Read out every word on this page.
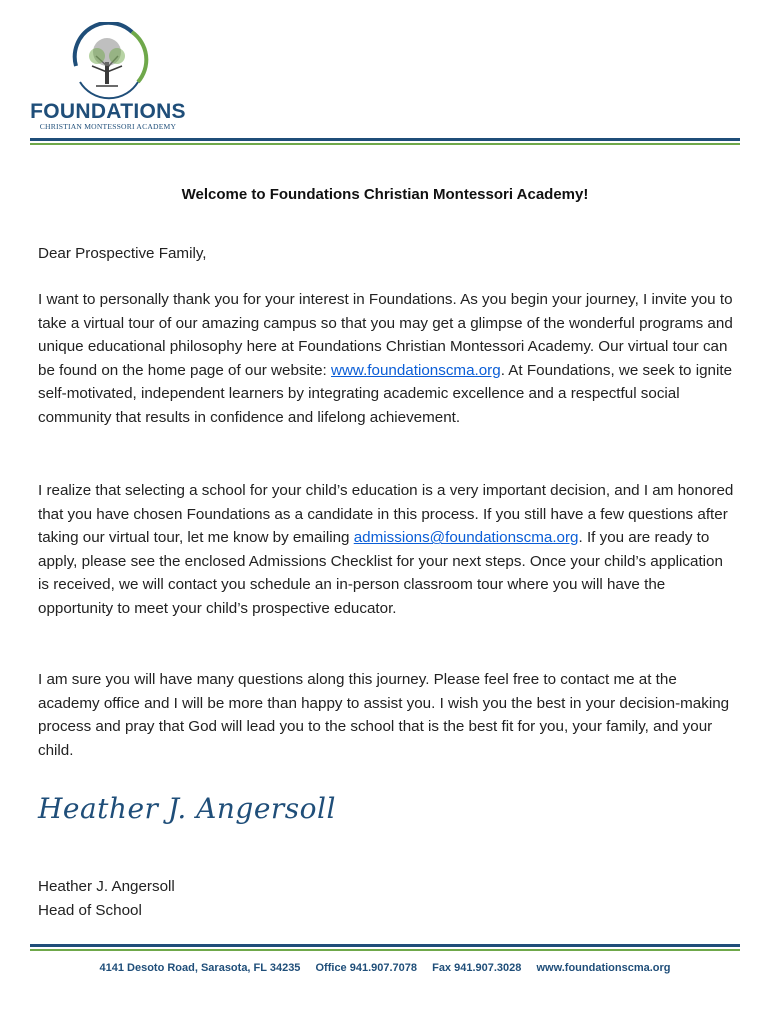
FOUNDATIONS
CHRISTIAN MONTESSORI ACADEMY
Welcome to Foundations Christian Montessori Academy!
Dear Prospective Family,
I want to personally thank you for your interest in Foundations. As you begin your journey, I invite you to take a virtual tour of our amazing campus so that you may get a glimpse of the wonderful programs and unique educational philosophy here at Foundations Christian Montessori Academy. Our virtual tour can be found on the home page of our website: www.foundationscma.org. At Foundations, we seek to ignite self-motivated, independent learners by integrating academic excellence and a respectful social community that results in confidence and lifelong achievement.
I realize that selecting a school for your child’s education is a very important decision, and I am honored that you have chosen Foundations as a candidate in this process. If you still have a few questions after taking our virtual tour, let me know by emailing admissions@foundationscma.org. If you are ready to apply, please see the enclosed Admissions Checklist for your next steps. Once your child’s application is received, we will contact you schedule an in-person classroom tour where you will have the opportunity to meet your child’s prospective educator.
I am sure you will have many questions along this journey. Please feel free to contact me at the academy office and I will be more than happy to assist you. I wish you the best in your decision-making process and pray that God will lead you to the school that is the best fit for you, your family, and your child.
Heather J. Angersoll
Heather J. Angersoll
Head of School
4141 Desoto Road, Sarasota, FL 34235 Office 941.907.7078 Fax 941.907.3028 www.foundationscma.org
